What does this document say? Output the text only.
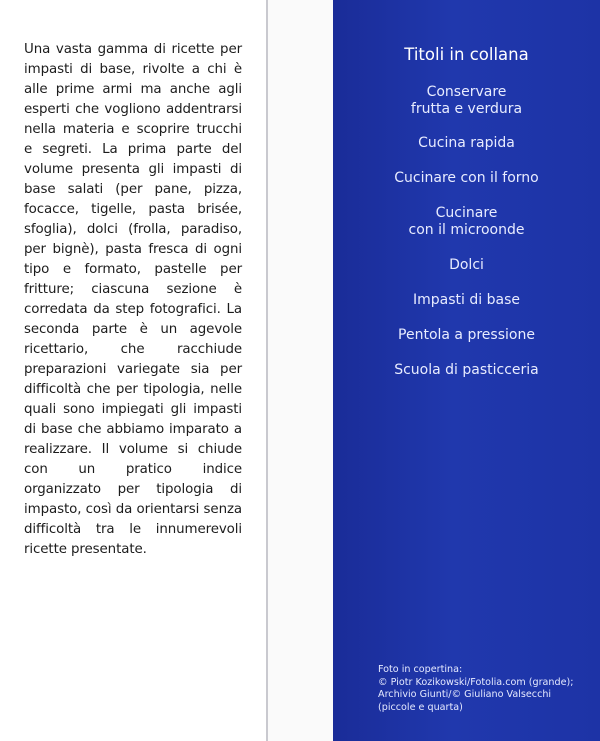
Una vasta gamma di ricette per impasti di base, rivolte a chi è alle prime armi ma anche agli esperti che vogliono addentrarsi nella materia e scoprire trucchi e segreti. La prima parte del volume presenta gli impasti di base salati (per pane, pizza, focacce, tigelle, pasta brisée, sfoglia), dolci (frolla, paradiso, per bignè), pasta fresca di ogni tipo e formato, pastelle per fritture; ciascuna sezione è corredata da step fotografici. La seconda parte è un agevole ricettario, che racchiude preparazioni variegate sia per difficoltà che per tipologia, nelle quali sono impiegati gli impasti di base che abbiamo imparato a realizzare. Il volume si chiude con un pratico indice organizzato per tipologia di impasto, così da orientarsi senza difficoltà tra le innumerevoli ricette presentate.

Titoli in collana
Conservare
frutta e verdura
Cucina rapida
Cucinare con il forno
Cucinare
con il microonde
Dolci
Impasti di base
Pentola a pressione
Scuola di pasticceria

Foto in copertina:
© Piotr Kozikowski/Fotolia.com (grande);
Archivio Giunti/© Giuliano Valsecchi
(piccole e quarta)
